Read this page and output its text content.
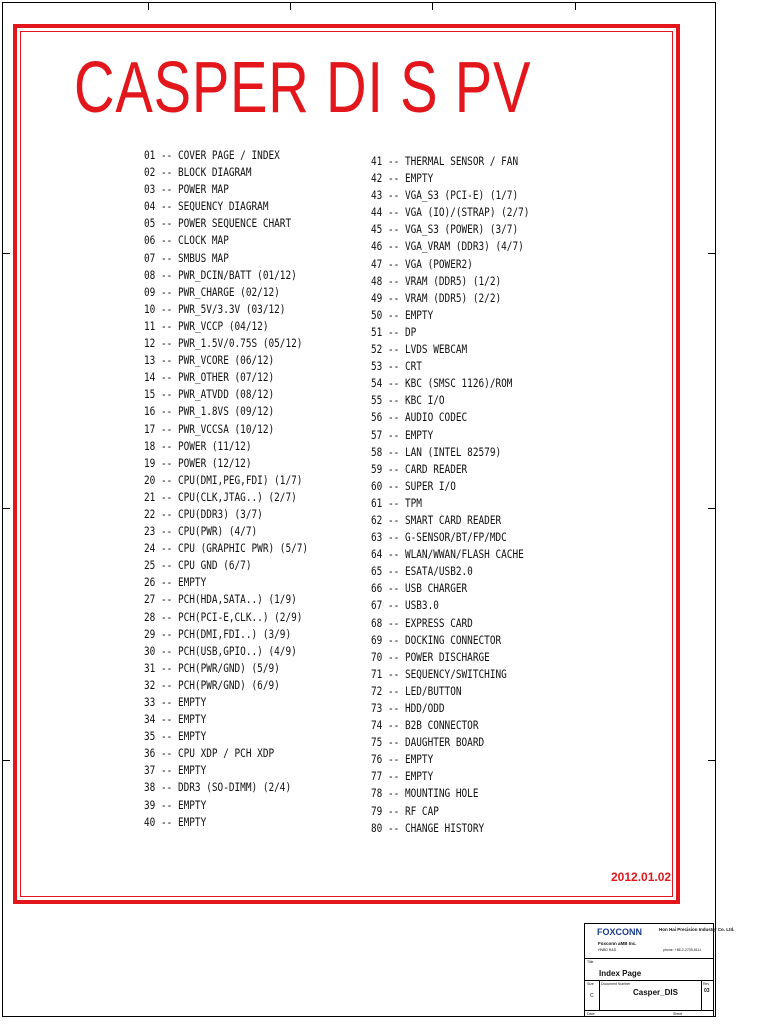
CASPER DI S PV
01 -- COVER PAGE / INDEX
02 -- BLOCK DIAGRAM
03 -- POWER MAP
04 -- SEQUENCY DIAGRAM
05 -- POWER SEQUENCE CHART
06 -- CLOCK MAP
07 -- SMBUS MAP
08 -- PWR_DCIN/BATT (01/12)
09 -- PWR_CHARGE (02/12)
10 -- PWR_5V/3.3V (03/12)
11 -- PWR_VCCP (04/12)
12 -- PWR_1.5V/0.75S (05/12)
13 -- PWR_VCORE (06/12)
14 -- PWR_OTHER (07/12)
15 -- PWR_ATVDD (08/12)
16 -- PWR_1.8VS (09/12)
17 -- PWR_VCCSA (10/12)
18 -- POWER (11/12)
19 -- POWER (12/12)
20 -- CPU(DMI,PEG,FDI) (1/7)
21 -- CPU(CLK,JTAG..) (2/7)
22 -- CPU(DDR3) (3/7)
23 -- CPU(PWR) (4/7)
24 -- CPU (GRAPHIC PWR) (5/7)
25 -- CPU GND (6/7)
26 -- EMPTY
27 -- PCH(HDA,SATA..) (1/9)
28 -- PCH(PCI-E,CLK..) (2/9)
29 -- PCH(DMI,FDI..) (3/9)
30 -- PCH(USB,GPIO..) (4/9)
31 -- PCH(PWR/GND) (5/9)
32 -- PCH(PWR/GND) (6/9)
33 -- EMPTY
34 -- EMPTY
35 -- EMPTY
36 -- CPU XDP / PCH XDP
37 -- EMPTY
38 -- DDR3 (SO-DIMM) (2/4)
39 -- EMPTY
40 -- EMPTY
41 -- THERMAL SENSOR / FAN
42 -- EMPTY
43 -- VGA_S3 (PCI-E) (1/7)
44 -- VGA (IO)/(STRAP) (2/7)
45 -- VGA_S3 (POWER) (3/7)
46 -- VGA_VRAM (DDR3) (4/7)
47 -- VGA (POWER2)
48 -- VRAM (DDR5) (1/2)
49 -- VRAM (DDR5) (2/2)
50 -- EMPTY
51 -- DP
52 -- LVDS WEBCAM
53 -- CRT
54 -- KBC (SMSC 1126)/ROM
55 -- KBC I/O
56 -- AUDIO CODEC
57 -- EMPTY
58 -- LAN (INTEL 82579)
59 -- CARD READER
60 -- SUPER I/O
61 -- TPM
62 -- SMART CARD READER
63 -- G-SENSOR/BT/FP/MDC
64 -- WLAN/WWAN/FLASH CACHE
65 -- ESATA/USB2.0
66 -- USB CHARGER
67 -- USB3.0
68 -- EXPRESS CARD
69 -- DOCKING CONNECTOR
70 -- POWER DISCHARGE
71 -- SEQUENCY/SWITCHING
72 -- LED/BUTTON
73 -- HDD/ODD
74 -- B2B CONNECTOR
75 -- DAUGHTER BOARD
76 -- EMPTY
77 -- EMPTY
78 -- MOUNTING HOLE
79 -- RF CAP
80 -- CHANGE HISTORY
2012.01.02
FOXCONN	Hon Hai Precision Industry Co. Ltd.
Foxconn aMB Inc.
HNBD R&D	phone: +86-2-2709-6111
Title
Index Page
Size Document Number	Rev
C	Casper_DIS	03
Date:	Sheet
